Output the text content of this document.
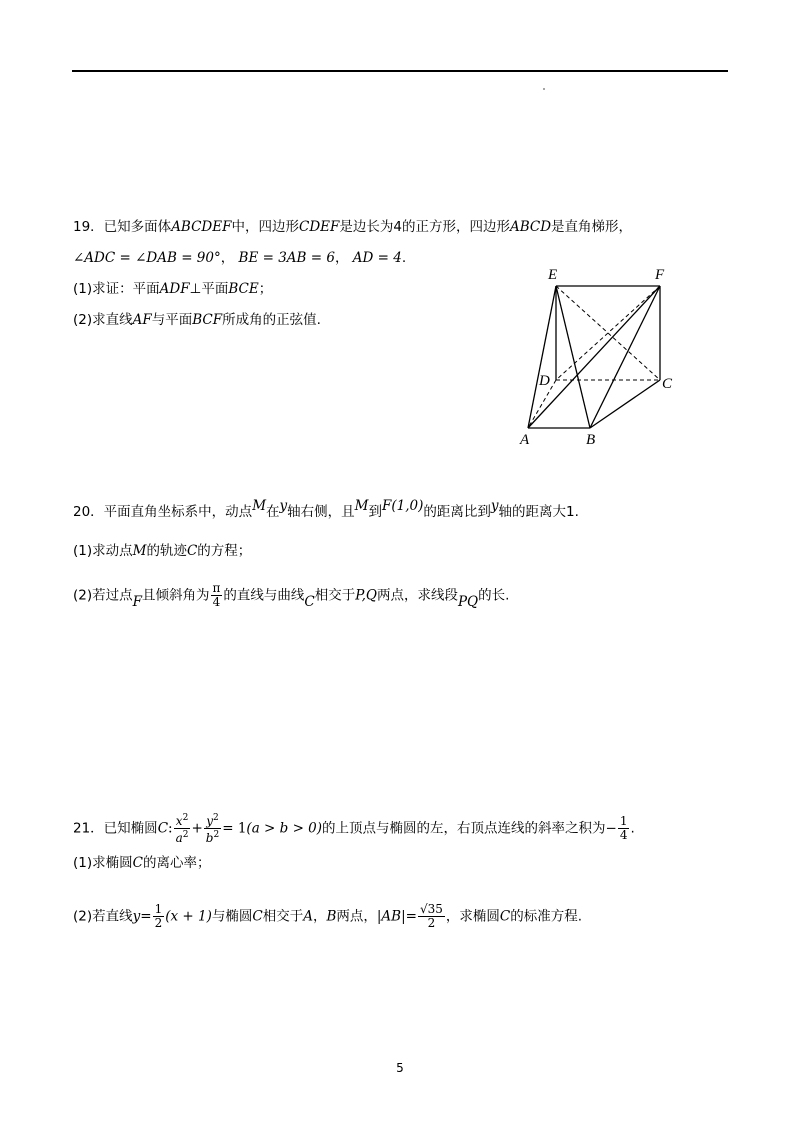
19．已知多面体ABCDEF中，四边形CDEF是边长为4的正方形，四边形ABCD是直角梯形，
∠ADC = ∠DAB = 90°， BE = 3AB = 6， AD = 4.
(1)求证：平面ADF⊥平面BCE；
(2)求直线AF与平面BCF所成角的正弦值.
E	F
D	C
A	B
20．平面直角坐标系中，动点M在y轴右侧，且M到F(1,0)的距离比到y轴的距离大1.
(1)求动点M的轨迹C的方程；
(2)若过点F且倾斜角为 $\frac{\pi}{4}$ 的直线与曲线C相交于P,Q两点，求线段PQ的长.
21．已知椭圆C: $\frac{x^2}{a^2} + \frac{y^2}{b^2} = 1(a > b > 0)$的上顶点与椭圆的左，右顶点连线的斜率之积为− $\frac{1}{4}$ .
(1)求椭圆C的离心率；
(2)若直线$y= \frac{1}{2} (x + 1)$与椭圆C相交于A，B两点，$|AB|= \frac{√35}{2}$ ，求椭圆C的标准方程.
5
